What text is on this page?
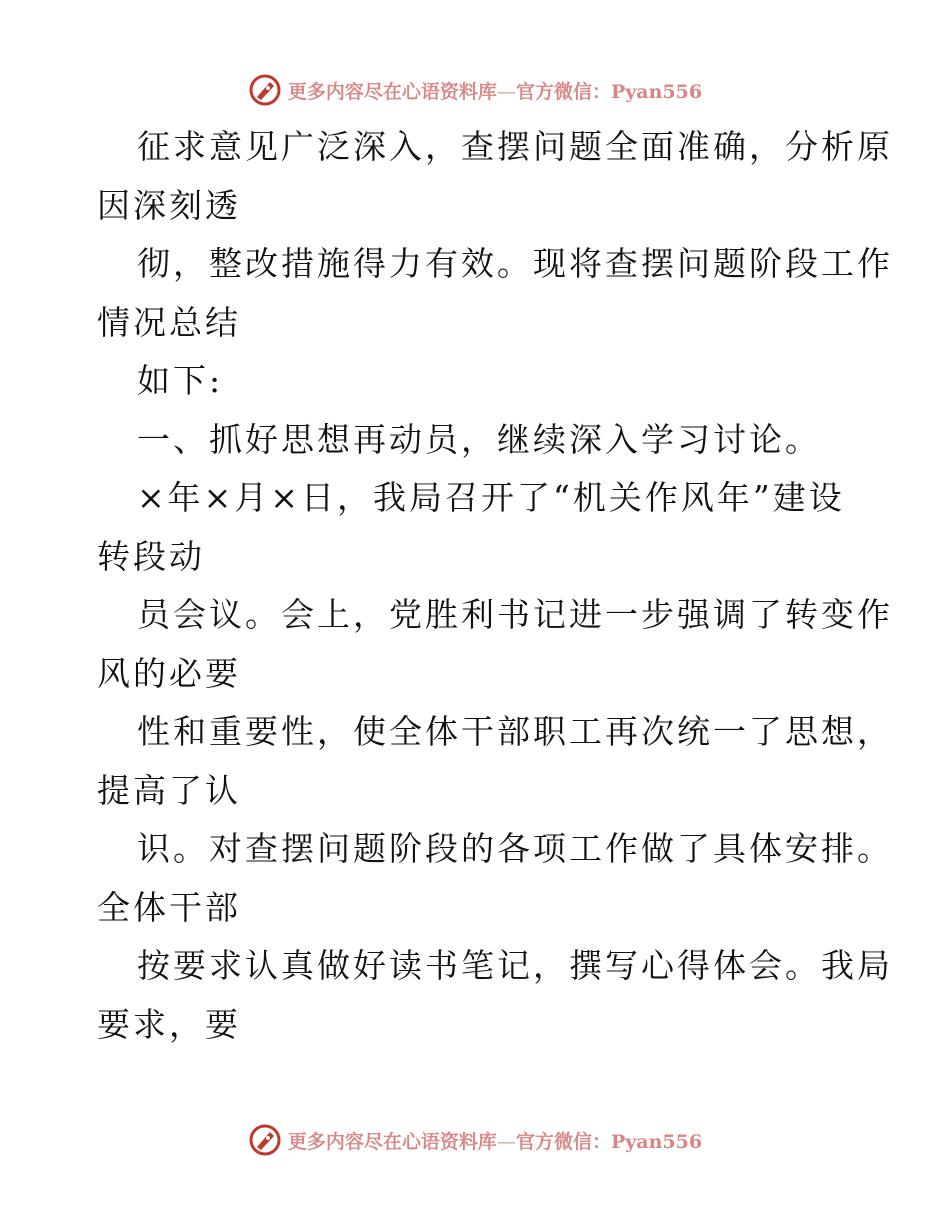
更多内容尽在心语资料库—官方微信：Pyan556
征求意见广泛深入，查摆问题全面准确，分析原
因深刻透
彻，整改措施得力有效。现将查摆问题阶段工作
情况总结
如下:
一、抓好思想再动员，继续深入学习讨论。
×年×月×日，我局召开了“机关作风年”建设
转段动
员会议。会上，党胜利书记进一步强调了转变作
风的必要
性和重要性，使全体干部职工再次统一了思想，
提高了认
识。对查摆问题阶段的各项工作做了具体安排。
全体干部
按要求认真做好读书笔记，撰写心得体会。我局
要求，要
更多内容尽在心语资料库—官方微信：Pyan556
